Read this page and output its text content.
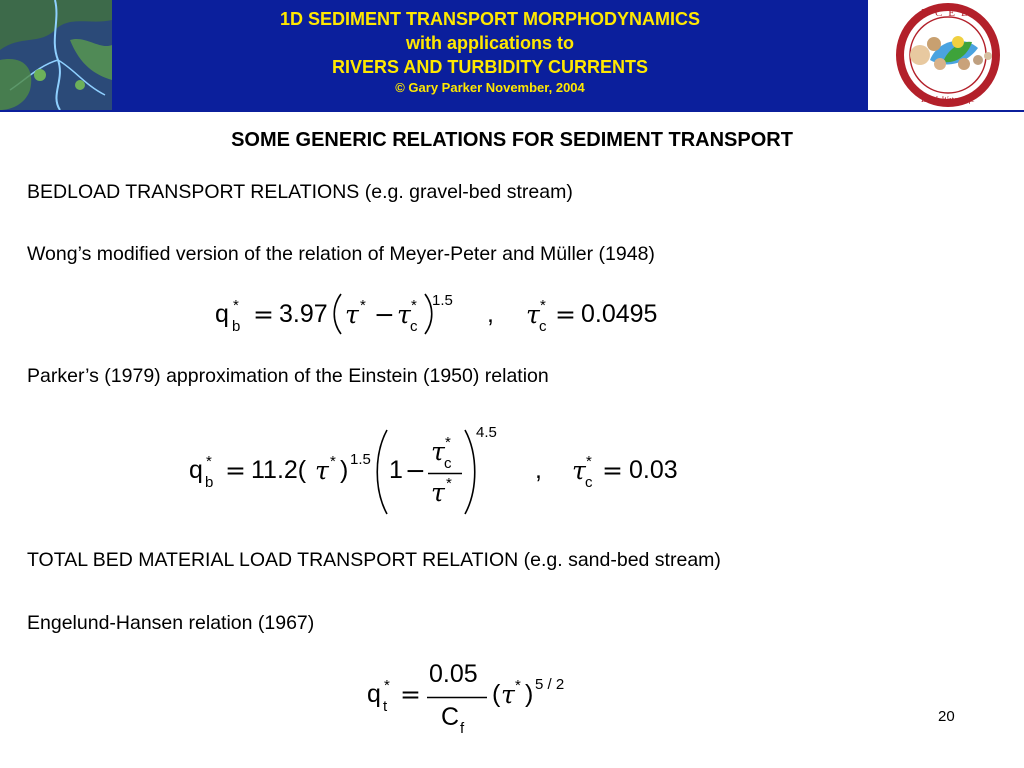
1D SEDIMENT TRANSPORT MORPHODYNAMICS
with applications to
RIVERS AND TURBIDITY CURRENTS
© Gary Parker November, 2004
NCED
Earth·Water·Life
SOME GENERIC RELATIONS FOR SEDIMENT TRANSPORT
BEDLOAD TRANSPORT RELATIONS (e.g. gravel-bed stream)
Wong’s modified version of the relation of Meyer-Peter and Müller (1948)
Parker’s (1979) approximation of the Einstein (1950) relation
TOTAL BED MATERIAL LOAD TRANSPORT RELATION (e.g. sand-bed stream)
Engelund-Hansen relation (1967)
q *
b = 3.97 τ * − τ *
c
1.5 , τ *
c = 0.0495
q *
b = 11.2( τ * ) 1.5 1 −
τ *
c
τ *
4.5
, τ *
c = 0.03
q *
t =
0.05
C f
( τ * ) 5 / 2
20
